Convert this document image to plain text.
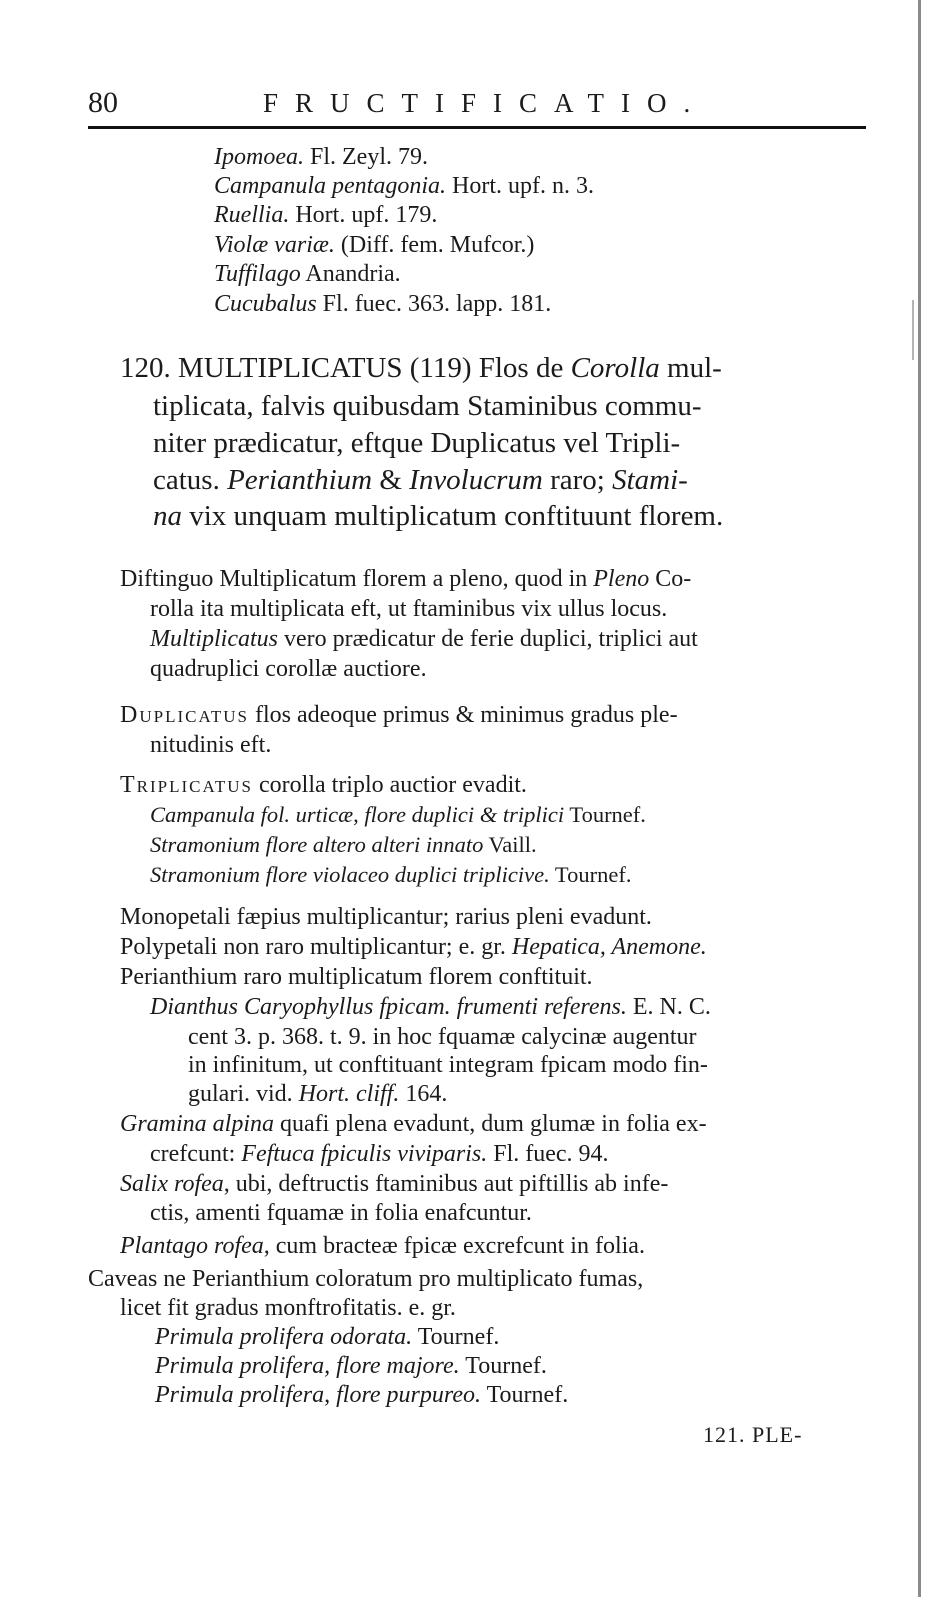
80	FRUCTIFICATIO.
Ipomoea. Fl. Zeyl. 79.
Campanula pentagonia. Hort. upf. n. 3.
Ruellia. Hort. upf. 179.
Violæ variæ. (Diff. fem. Mufcor.)
Tuffilago Anandria.
Cucubalus Fl. fuec. 363. lapp. 181.
120. MULTIPLICATUS (119) Flos de Corolla mul-
tiplicata, falvis quibusdam Staminibus commu-
niter prædicatur, eftque Duplicatus vel Tripli-
catus. Perianthium & Involucrum raro; Stami-
na vix unquam multiplicatum conftituunt florem.
Diftinguo Multiplicatum florem a pleno, quod in Pleno Co-
rolla ita multiplicata eft, ut ftaminibus vix ullus locus.
Multiplicatus vero prædicatur de ferie duplici, triplici aut
quadruplici corollæ auctiore.
Duplicatus flos adeoque primus & minimus gradus ple-
nitudinis eft.
Triplicatus corolla triplo auctior evadit.
Campanula fol. urticæ, flore duplici & triplici Tournef.
Stramonium flore altero alteri innato Vaill.
Stramonium flore violaceo duplici triplicive. Tournef.
Monopetali fæpius multiplicantur; rarius pleni evadunt.
Polypetali non raro multiplicantur; e. gr. Hepatica, Anemone.
Perianthium raro multiplicatum florem conftituit.
Dianthus Caryophyllus fpicam. frumenti referens. E. N. C.
cent 3. p. 368. t. 9. in hoc fquamæ calycinæ augentur
in infinitum, ut conftituant integram fpicam modo fin-
gulari. vid. Hort. cliff. 164.
Gramina alpina quafi plena evadunt, dum glumæ in folia ex-
crefcunt: Feftuca fpiculis viviparis. Fl. fuec. 94.
Salix rofea, ubi, deftructis ftaminibus aut piftillis ab infe-
ctis, amenti fquamæ in folia enafcuntur.
Plantago rofea, cum bracteæ fpicæ excrefcunt in folia.
Caveas ne Perianthium coloratum pro multiplicato fumas,
licet fit gradus monftrofitatis. e. gr.
Primula prolifera odorata. Tournef.
Primula prolifera, flore majore. Tournef.
Primula prolifera, flore purpureo. Tournef.
121. PLE-
